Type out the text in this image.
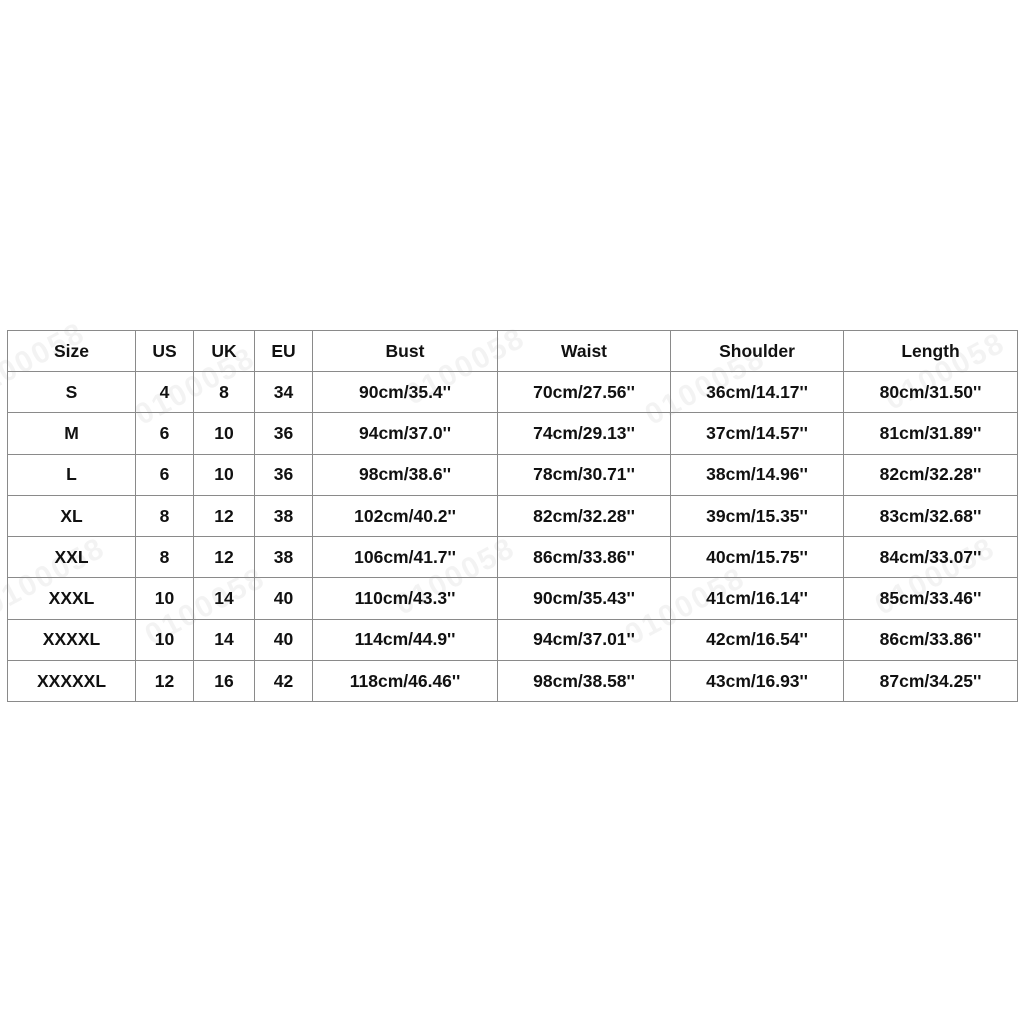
Size	US	UK	EU	Bust	Waist	Shoulder	Length
S	4	8	34	90cm/35.4''	70cm/27.56''	36cm/14.17''	80cm/31.50''
M	6	10	36	94cm/37.0''	74cm/29.13''	37cm/14.57''	81cm/31.89''
L	6	10	36	98cm/38.6''	78cm/30.71''	38cm/14.96''	82cm/32.28''
XL	8	12	38	102cm/40.2''	82cm/32.28''	39cm/15.35''	83cm/32.68''
XXL	8	12	38	106cm/41.7''	86cm/33.86''	40cm/15.75''	84cm/33.07''
XXXL	10	14	40	110cm/43.3''	90cm/35.43''	41cm/16.14''	85cm/33.46''
XXXXL	10	14	40	114cm/44.9''	94cm/37.01''	42cm/16.54''	86cm/33.86''
XXXXXL	12	16	42	118cm/46.46''	98cm/38.58''	43cm/16.93''	87cm/34.25''
